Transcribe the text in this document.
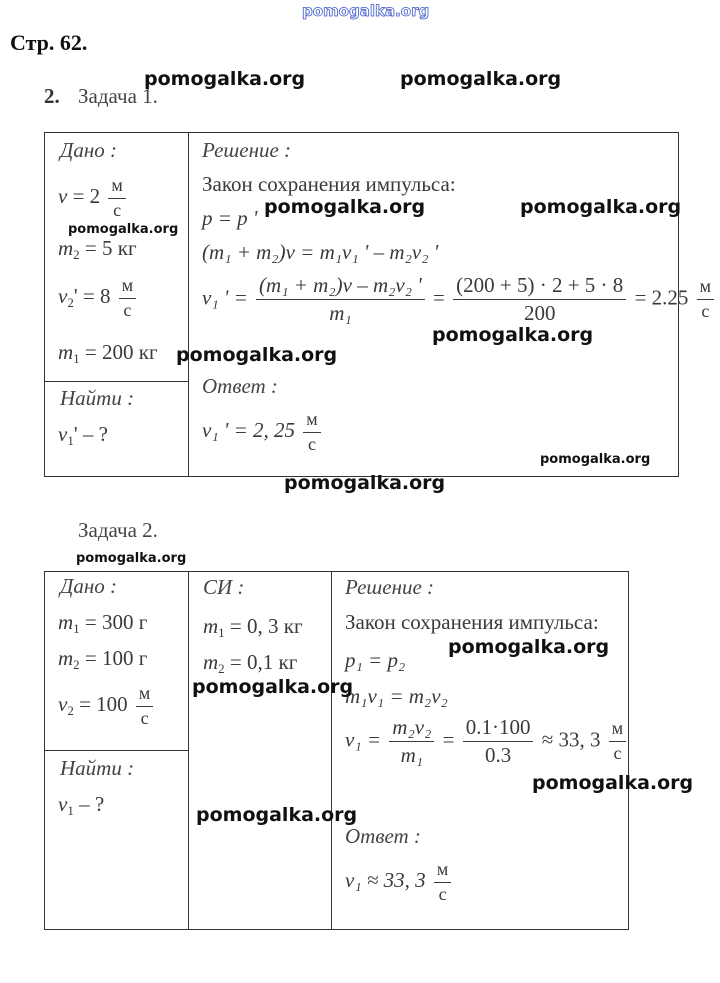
pomogalka.org
Стр. 62.
2. Задача 1.
Дано :
$v = 2 \frac{м}{с}$
$m_2 = 5$ кг
$v_2' = 8 \frac{м}{с}$
$m_1 = 200$ кг
Найти :
$v_1'$ – ?
Решение :
Закон сохранения импульса:
p = p '
(m₁ + m₂)v = m₁v₁ ' – m₂v₂ '
v₁ ' = $\frac{\text{(m₁ + m₂)v – m₂v₂ '}}{\text{m₁}} = \frac{(200 + 5) \cdot 2 + 5 \cdot 8}{200} = 2.25 \frac{м}{с}$
Ответ :
v₁ ' = 2, $25 \frac{м}{с}$
Задача 2.
Дано :
$m_1 = 300$ г
$m_2 = 100$ г
$v_2 = 100 \frac{м}{с}$
СИ :
$m_1 = 0$, 3 кг
$m_2 = 0,1$ кг
Найти :
$v_1$ – ?
Решение :
Закон сохранения импульса:
p₁ = p₂
m₁v₁ = m₂v₂
$v_1 = \frac{\text{m₂v₂}}{\text{m₁}} = \frac{0.1\cdot 100}{0.3} \approx 33$, $3 \frac{м}{с}$
Ответ :
v₁ ≈ 33, $3 \frac{м}{с}$
pomogalka.org	pomogalka.org
pomogalka.org	pomogalka.org
pomogalka.org
pomogalka.org
pomogalka.org
pomogalka.org
pomogalka.org
pomogalka.org
pomogalka.org
pomogalka.org
pomogalka.org
pomogalka.org
